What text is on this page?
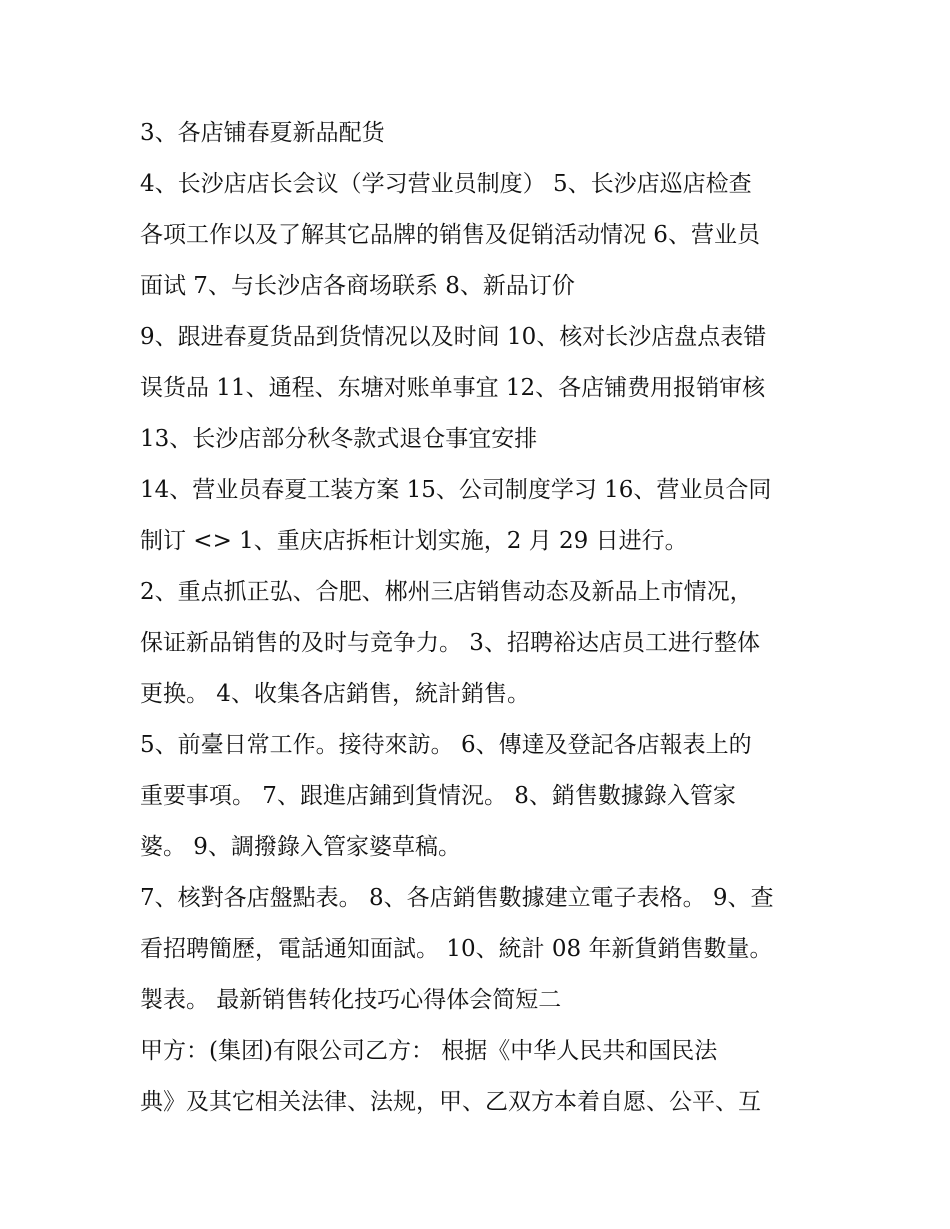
3、各店铺春夏新品配货

4、长沙店店长会议（学习营业员制度） 5、长沙店巡店检查

各项工作以及了解其它品牌的销售及促销活动情况 6、营业员

面试 7、与长沙店各商场联系 8、新品订价

9、跟进春夏货品到货情况以及时间 10、核对长沙店盘点表错

误货品 11、通程、东塘对账单事宜 12、各店铺费用报销审核

13、长沙店部分秋冬款式退仓事宜安排

14、营业员春夏工装方案 15、公司制度学习 16、营业员合同

制订 <> 1、重庆店拆柜计划实施，2 月 29 日进行。

2、重点抓正弘、合肥、郴州三店销售动态及新品上市情况，

保证新品销售的及时与竞争力。 3、招聘裕达店员工进行整体

更换。 4、收集各店銷售，統計銷售。

5、前臺日常工作。接待來訪。 6、傳達及登記各店報表上的

重要事項。 7、跟進店鋪到貨情況。 8、銷售數據錄入管家

婆。 9、調撥錄入管家婆草稿。

7、核對各店盤點表。 8、各店銷售數據建立電子表格。 9、查

看招聘簡歷，電話通知面試。 10、統計 08 年新貨銷售數量。

製表。 最新销售转化技巧心得体会简短二

甲方：(集团)有限公司乙方： 根据《中华人民共和国民法

典》及其它相关法律、法规，甲、乙双方本着自愿、公平、互
